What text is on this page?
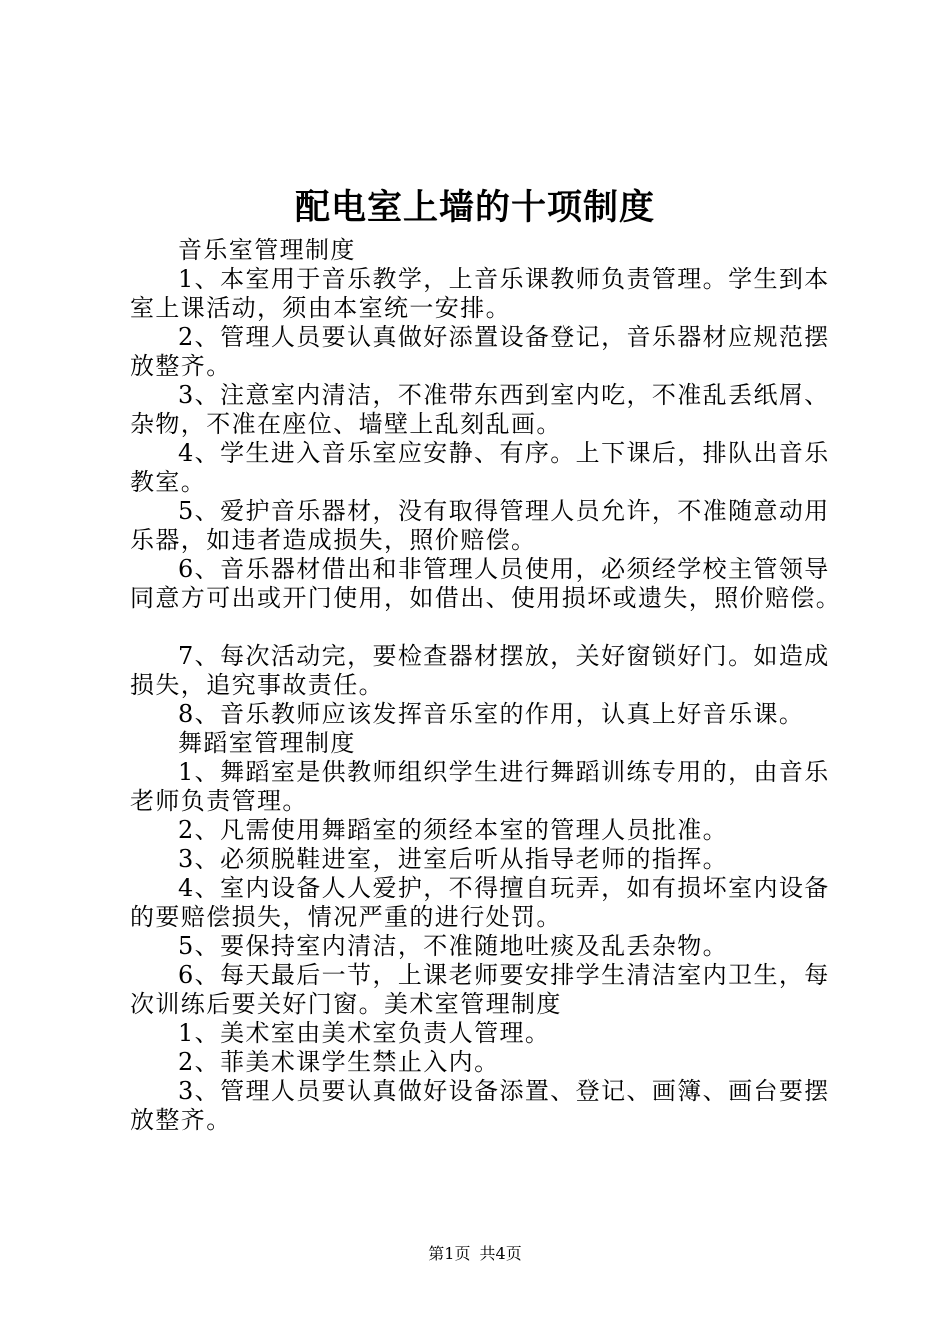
配电室上墙的十项制度

音乐室管理制度

1、本室用于音乐教学，上音乐课教师负责管理。学生到本室上课活动，须由本室统一安排。

2、管理人员要认真做好添置设备登记，音乐器材应规范摆放整齐。

3、注意室内清洁，不准带东西到室内吃，不准乱丢纸屑、杂物，不准在座位、墙壁上乱刻乱画。

4、学生进入音乐室应安静、有序。上下课后，排队出音乐教室。

5、爱护音乐器材，没有取得管理人员允许，不准随意动用乐器，如违者造成损失，照价赔偿。

6、音乐器材借出和非管理人员使用，必须经学校主管领导同意方可出或开门使用，如借出、使用损坏或遗失，照价赔偿。

7、每次活动完，要检查器材摆放，关好窗锁好门。如造成损失，追究事故责任。

8、音乐教师应该发挥音乐室的作用，认真上好音乐课。

舞蹈室管理制度

1、舞蹈室是供教师组织学生进行舞蹈训练专用的，由音乐老师负责管理。

2、凡需使用舞蹈室的须经本室的管理人员批准。

3、必须脱鞋进室，进室后听从指导老师的指挥。

4、室内设备人人爱护，不得擅自玩弄，如有损坏室内设备的要赔偿损失，情况严重的进行处罚。

5、要保持室内清洁，不准随地吐痰及乱丢杂物。

6、每天最后一节，上课老师要安排学生清洁室内卫生，每次训练后要关好门窗。美术室管理制度

1、美术室由美术室负责人管理。

2、菲美术课学生禁止入内。

3、管理人员要认真做好设备添置、登记、画簿、画台要摆放整齐。

第1页 共4页
